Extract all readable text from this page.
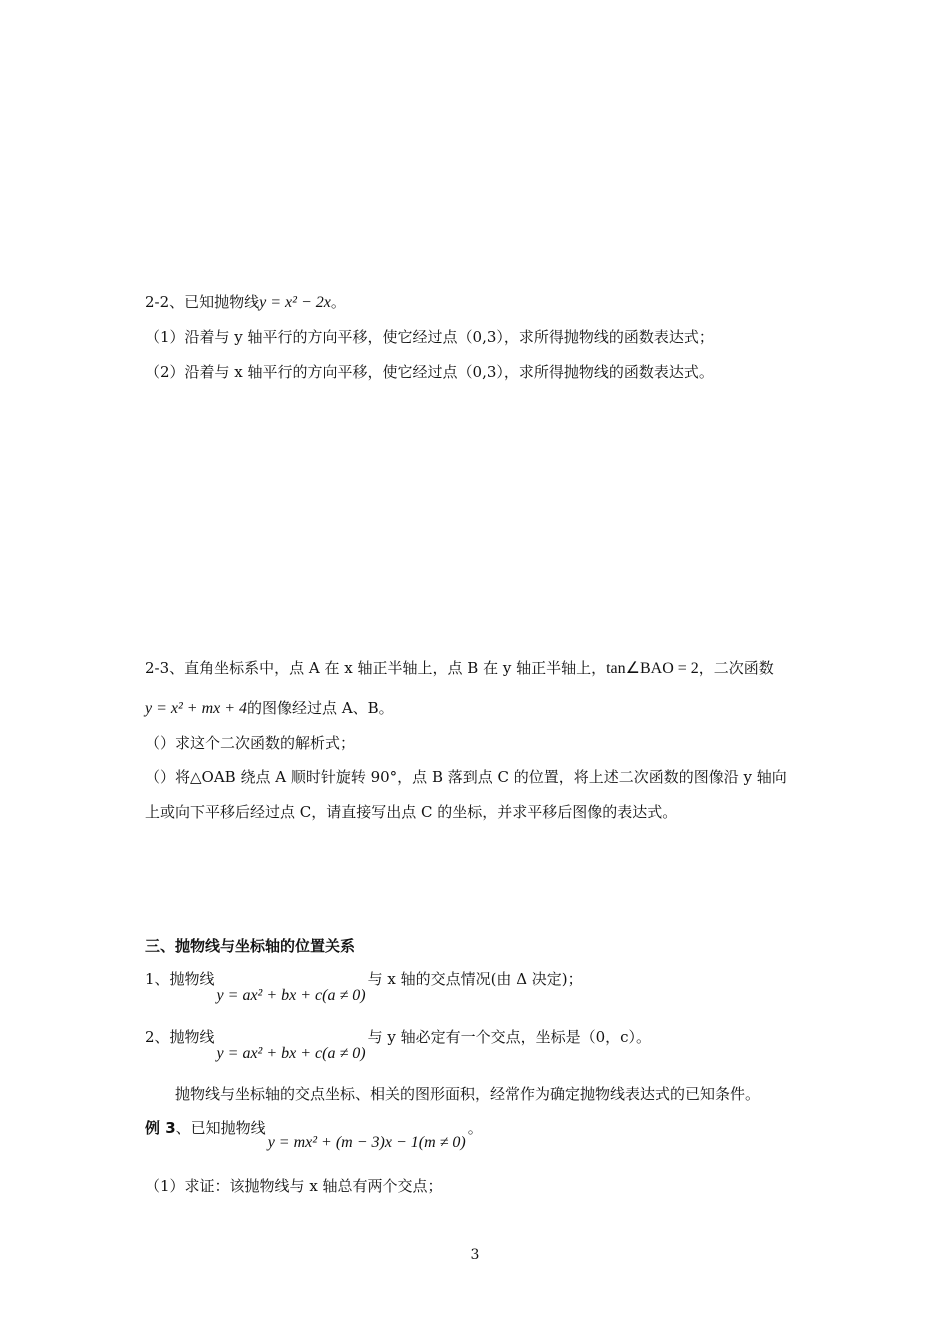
2-2、已知抛物线y = x² − 2x。
（1）沿着与 y 轴平行的方向平移，使它经过点（0,3），求所得抛物线的函数表达式；
（2）沿着与 x 轴平行的方向平移，使它经过点（0,3），求所得抛物线的函数表达式。
2-3、直角坐标系中，点 A 在 x 轴正半轴上，点 B 在 y 轴正半轴上，tan∠BAO = 2，二次函数
y = x² + mx + 4的图像经过点 A、B。
（）求这个二次函数的解析式；
（）将△OAB 绕点 A 顺时针旋转 90°，点 B 落到点 C 的位置，将上述二次函数的图像沿 y 轴向
上或向下平移后经过点 C，请直接写出点 C 的坐标，并求平移后图像的表达式。
三、抛物线与坐标轴的位置关系
1、抛物线y = ax² + bx + c(a ≠ 0)与 x 轴的交点情况(由 Δ 决定)；
2、抛物线y = ax² + bx + c(a ≠ 0)与 y 轴必定有一个交点，坐标是（0，c）。
抛物线与坐标轴的交点坐标、相关的图形面积，经常作为确定抛物线表达式的已知条件。
例 3、已知抛物线y = mx² + (m − 3)x − 1(m ≠ 0)。
（1）求证：该抛物线与 x 轴总有两个交点；
3
